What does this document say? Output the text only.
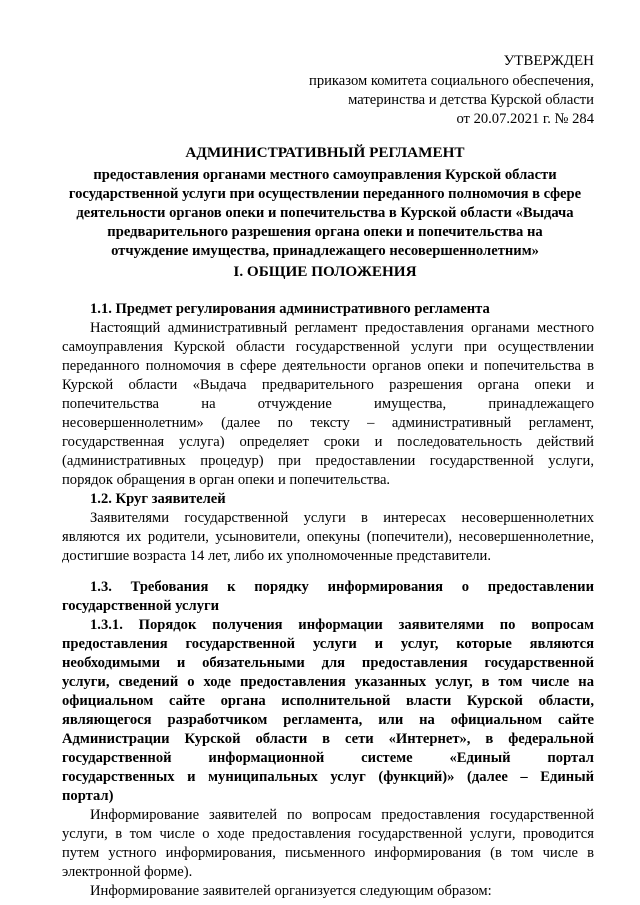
УТВЕРЖДЕН
приказом комитета социального обеспечения,
материнства и детства Курской области
от 20.07.2021 г. № 284
АДМИНИСТРАТИВНЫЙ РЕГЛАМЕНТ
предоставления органами местного самоуправления Курской области
государственной услуги при осуществлении переданного полномочия в сфере
деятельности органов опеки и попечительства в Курской области «Выдача
предварительного разрешения органа опеки и попечительства на
отчуждение имущества, принадлежащего несовершеннолетним»
I. ОБЩИЕ ПОЛОЖЕНИЯ
1.1. Предмет регулирования административного регламента
Настоящий административный регламент предоставления органами местного
самоуправления Курской области государственной услуги при осуществлении
переданного полномочия в сфере деятельности органов опеки и попечительства в
Курской области «Выдача предварительного разрешения органа опеки и
попечительства на отчуждение имущества, принадлежащего
несовершеннолетним» (далее по тексту – административный регламент,
государственная услуга) определяет сроки и последовательность действий
(административных процедур) при предоставлении государственной услуги,
порядок обращения в орган опеки и попечительства.
1.2. Круг заявителей
Заявителями государственной услуги в интересах несовершеннолетних
являются их родители, усыновители, опекуны (попечители), несовершеннолетние,
достигшие возраста 14 лет, либо их уполномоченные представители.
1.3. Требования к порядку информирования о предоставлении
государственной услуги
1.3.1. Порядок получения информации заявителями по вопросам
предоставления государственной услуги и услуг, которые являются
необходимыми и обязательными для предоставления государственной
услуги, сведений о ходе предоставления указанных услуг, в том числе на
официальном сайте органа исполнительной власти Курской области,
являющегося разработчиком регламента, или на официальном сайте
Администрации Курской области в сети «Интернет», в федеральной
государственной информационной системе «Единый портал
государственных и муниципальных услуг (функций)» (далее – Единый
портал)
Информирование заявителей по вопросам предоставления государственной
услуги, в том числе о ходе предоставления государственной услуги, проводится
путем устного информирования, письменного информирования (в том числе в
электронной форме).
Информирование заявителей организуется следующим образом:
